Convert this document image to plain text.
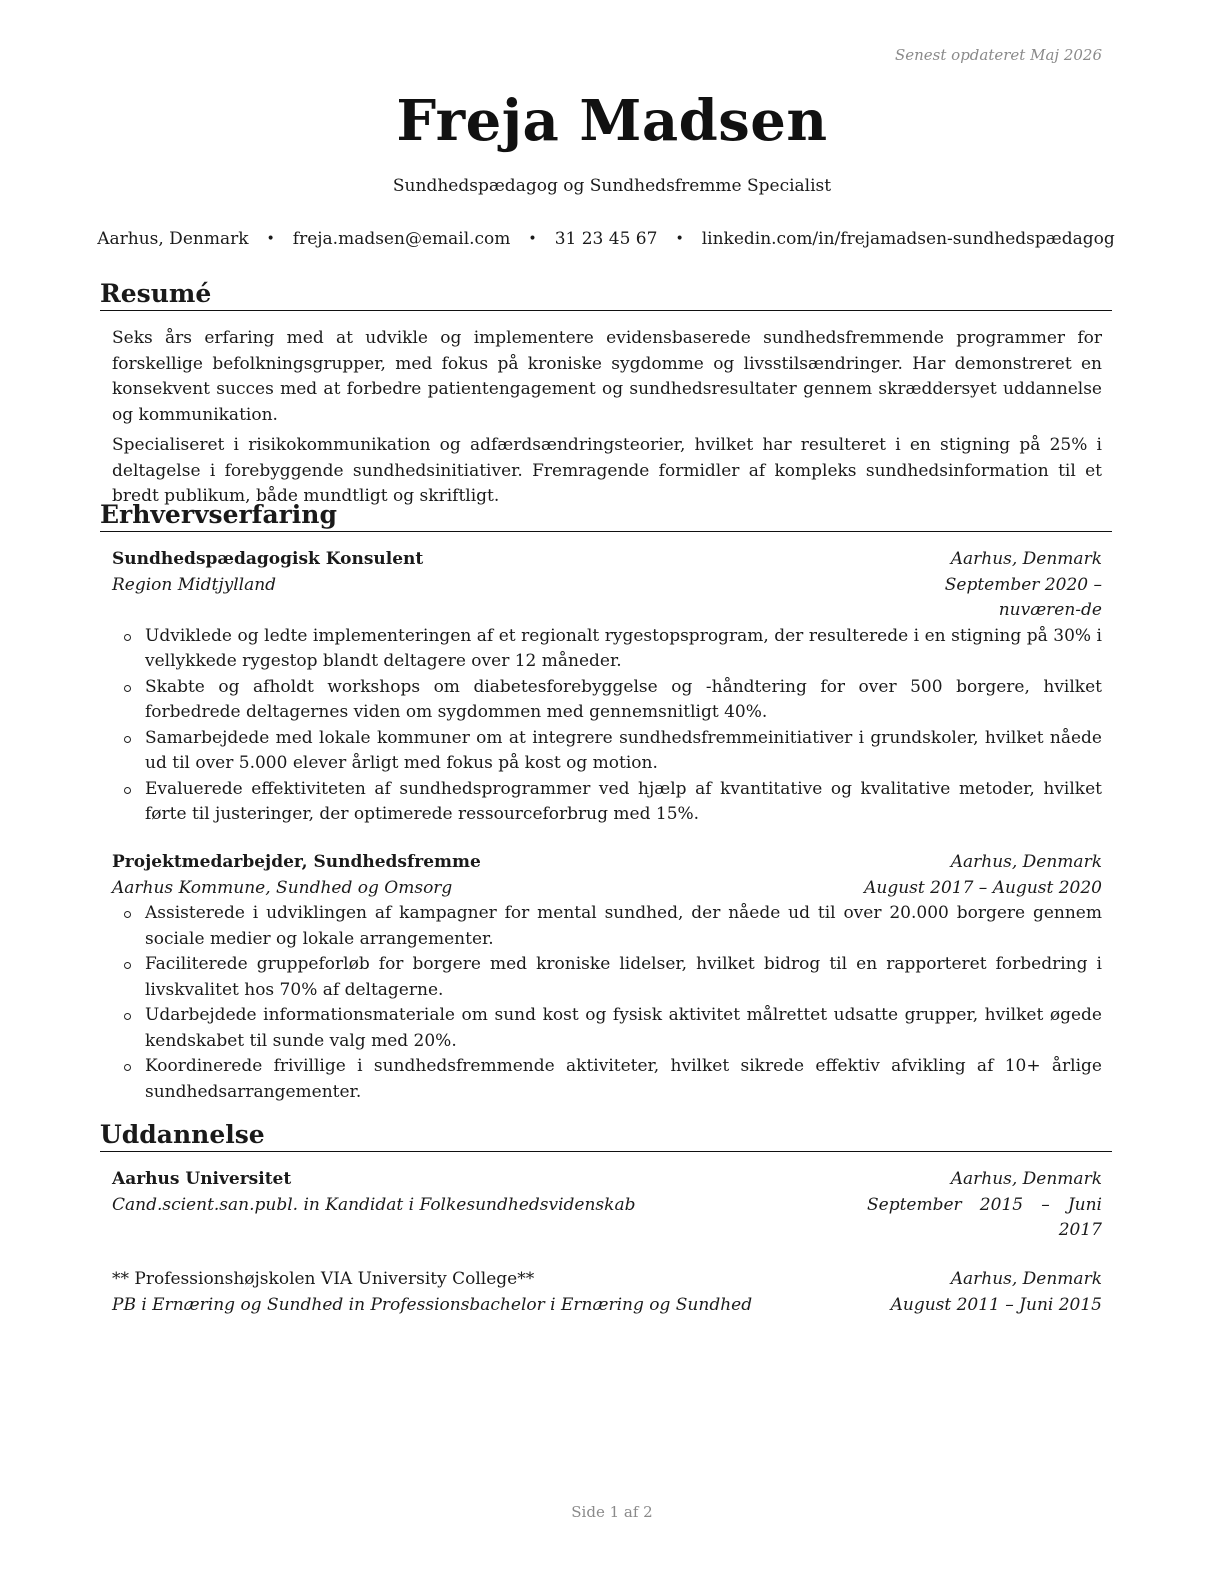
Senest opdateret Maj 2026
Freja Madsen
Sundhedspædagog og Sundhedsfremme Specialist
Aarhus, Denmark • freja.madsen@email.com • 31 23 45 67 • linkedin.com/in/frejamadsen-sundhedspædagog
Resumé

Seks års erfaring med at udvikle og implementere evidensbaserede sundhedsfremmende programmer for forskellige befolkningsgrupper, med fokus på kroniske sygdomme og livsstilsændringer. Har demonstreret en konsekvent succes med at forbedre patientengagement og sundhedsresultater gennem skræddersyet uddannelse og kommunikation.

Specialiseret i risikokommunikation og adfærdsændringsteorier, hvilket har resulteret i en stigning på 25% i deltagelse i forebyggende sundhedsinitiativer. Fremragende formidler af kompleks sundhedsinformation til et bredt publikum, både mundtligt og skriftligt.

Erhvervserfaring
Sundhedspædagogisk Konsulent
Region Midtjylland
Aarhus, Denmark
September 2020 – nuværen-de
Udviklede og ledte implementeringen af et regionalt rygestopsprogram, der resulterede i en stigning på 30% i vellykkede rygestop blandt deltagere over 12 måneder.
Skabte og afholdt workshops om diabetesforebyggelse og -håndtering for over 500 borgere, hvilket forbedrede deltagernes viden om sygdommen med gennemsnitligt 40%.
Samarbejdede med lokale kommuner om at integrere sundhedsfremmeinitiativer i grundskoler, hvilket nåede ud til over 5.000 elever årligt med fokus på kost og motion.
Evaluerede effektiviteten af sundhedsprogrammer ved hjælp af kvantitative og kvalitative metoder, hvilket førte til justeringer, der optimerede ressourceforbrug med 15%.
Projektmedarbejder, Sundhedsfremme
Aarhus Kommune, Sundhed og Omsorg
Aarhus, Denmark
August 2017 – August 2020
Assisterede i udviklingen af kampagner for mental sundhed, der nåede ud til over 20.000 borgere gennem sociale medier og lokale arrangementer.
Faciliterede gruppeforløb for borgere med kroniske lidelser, hvilket bidrog til en rapporteret forbedring i livskvalitet hos 70% af deltagerne.
Udarbejdede informationsmateriale om sund kost og fysisk aktivitet målrettet udsatte grupper, hvilket øgede kendskabet til sunde valg med 20%.
Koordinerede frivillige i sundhedsfremmende aktiviteter, hvilket sikrede effektiv afvikling af 10+ årlige sundhedsarrangementer.
Uddannelse
Aarhus Universitet
Cand.scient.san.publ. in Kandidat i Folkesundhedsvidenskab
Aarhus, Denmark
September 2015 – Juni 2017
** Professionshøjskolen VIA University College**
PB i Ernæring og Sundhed in Professionsbachelor i Ernæring og Sundhed
Aarhus, Denmark
August 2011 – Juni 2015
Side 1 af 2
